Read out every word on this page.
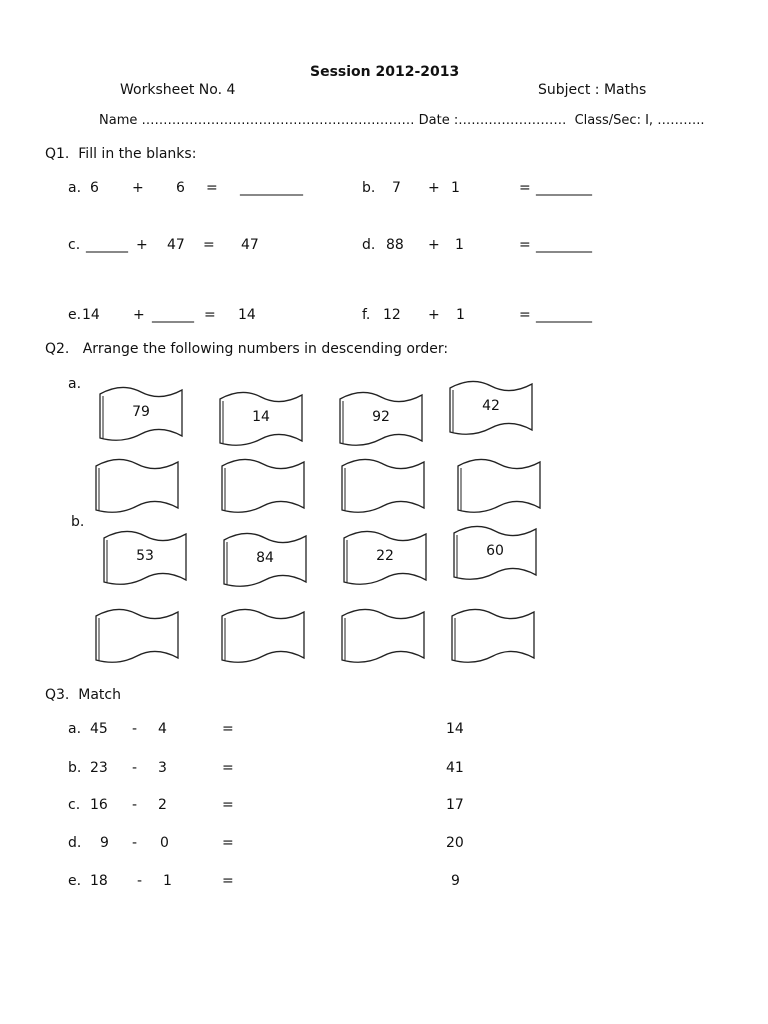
Session 2012-2013
Worksheet No. 4	Subject : Maths
Name ……………………………………………………… Date :…….………………  Class/Sec: I, ………..
Q1.  Fill in the blanks:
a. 6 + 6 = _________	b. 7 + 1	= ________
c. ______ + 47 = 47	d. 88 + 1	= ________
e. 14 + ______ = 14	f. 12 + 1	= ________
Q2.   Arrange the following numbers in descending order:
a.
b.
79	14	92
42
53	84	22	60
Q3.  Match
a. 45 - 4	=	14
b. 23 - 3	=	41
c. 16 - 2	=	17
d. 9 - 0	=	20
e. 18 - 1	=	9
